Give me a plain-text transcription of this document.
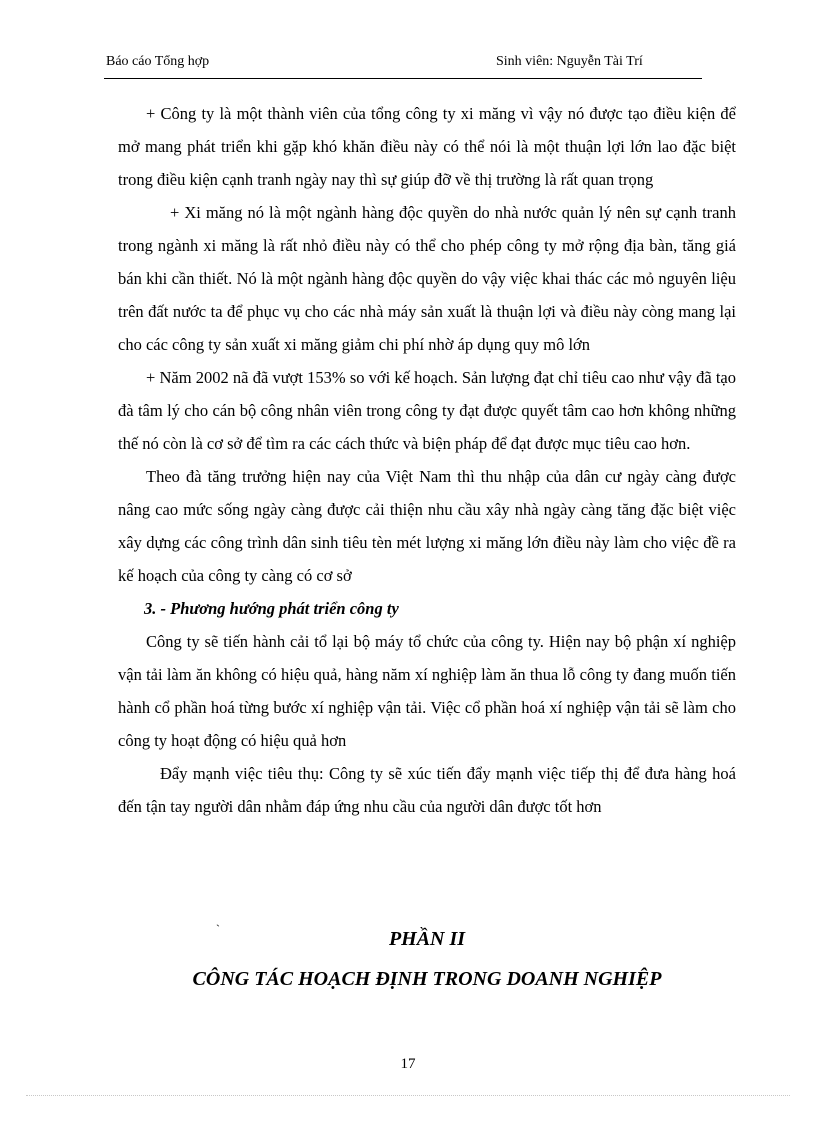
Báo cáo Tổng hợp	Sinh viên: Nguyễn Tài Trí

+ Công ty là một thành viên của tổng công ty xi măng vì vậy nó được tạo điều kiện để mở mang phát triển khi gặp khó khăn điều này có thể nói là một thuận lợi lớn lao đặc biệt trong điều kiện cạnh tranh ngày nay thì sự giúp đỡ về thị trường là rất quan trọng

+ Xi măng nó là một ngành hàng độc quyền do nhà nước quản lý nên sự cạnh tranh trong ngành xi măng là rất nhỏ điều này có thể cho phép công ty mở rộng địa bàn, tăng giá bán khi cần thiết. Nó là một ngành hàng độc quyền do vậy việc khai thác các mỏ nguyên liệu trên đất nước ta để phục vụ cho các nhà máy sản xuất là thuận lợi và điều này còng mang lại cho các công ty sản xuất xi măng giảm chi phí nhờ áp dụng quy mô lớn

+ Năm 2002 nã đã vượt 153% so với kế hoạch. Sản lượng đạt chỉ tiêu cao như vậy đã tạo đà tâm lý cho cán bộ công nhân viên trong công ty đạt được quyết tâm cao hơn không những thế nó còn là cơ sở để tìm ra các cách thức và biện pháp để đạt được mục tiêu cao hơn.

Theo đà tăng trưởng hiện nay của Việt Nam thì thu nhập của dân cư ngày càng được nâng cao mức sống ngày càng được cải thiện nhu cầu xây nhà ngày càng tăng đặc biệt việc xây dựng các công trình dân sinh tiêu tèn mét lượng xi măng lớn điều này làm cho việc đề ra kế hoạch của công ty càng có cơ sở

3. - Phương hướng phát triển công ty

Công ty sẽ tiến hành cải tổ lại bộ máy tổ chức của công ty. Hiện nay bộ phận xí nghiệp vận tải làm ăn không có hiệu quả, hàng năm xí nghiệp làm ăn thua lỗ công ty đang muốn tiến hành cổ phần hoá từng bước xí nghiệp vận tải. Việc cổ phần hoá xí nghiệp vận tải sẽ làm cho công ty hoạt động có hiệu quả hơn

Đẩy mạnh việc tiêu thụ: Công ty sẽ xúc tiến đẩy mạnh việc tiếp thị để đưa hàng hoá đến tận tay người dân nhằm đáp ứng nhu cầu của người dân được tốt hơn

`	PHẦN II
CÔNG TÁC HOẠCH ĐỊNH TRONG DOANH NGHIỆP
17
